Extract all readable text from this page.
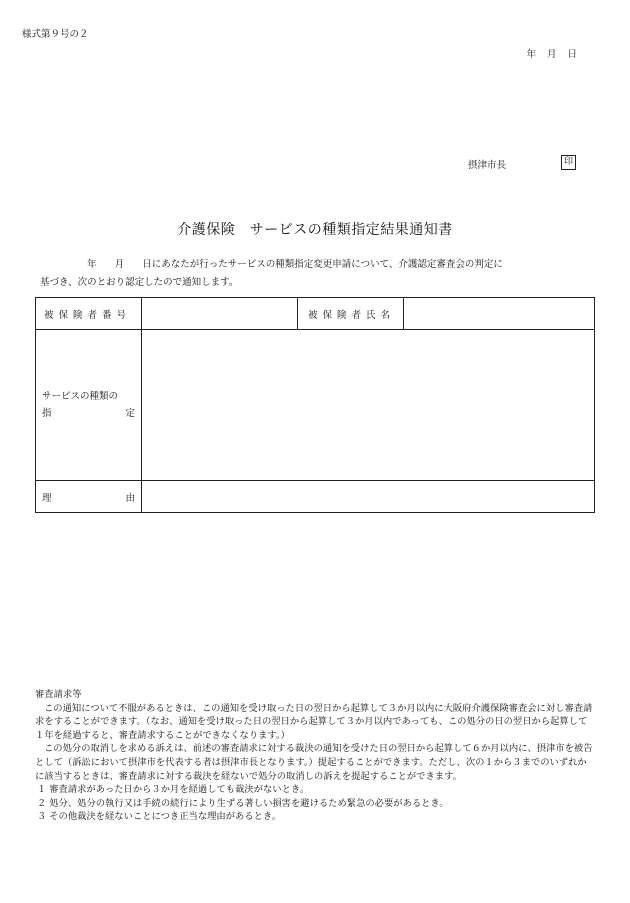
様式第９号の２
年 月 日
摂津市長	印
介護保険　サービスの種類指定結果通知書
年 月 日にあなたが行ったサービスの種類指定変更申請について、介護認定審査会の判定に
基づき、次のとおり認定したので通知します。
被保険者番号		被保険者氏名	

サービスの種類の
指 定			

理 由			

審査請求等

この通知について不服があるときは、この通知を受け取った日の翌日から起算して３か月以内に大阪府介護保険審査会に対し審査請求をすることができます。（なお、通知を受け取った日の翌日から起算して３か月以内であっても、この処分の日の翌日から起算して１年を経過すると、審査請求することができなくなります。）

この処分の取消しを求める訴えは、前述の審査請求に対する裁決の通知を受けた日の翌日から起算して６か月以内に、摂津市を被告として（訴訟において摂津市を代表する者は摂津市長となります。）提起することができます。ただし、次の１から３までのいずれかに該当するときは、審査請求に対する裁決を経ないで処分の取消しの訴えを提起することができます。

１ 審査請求があった日から３か月を経過しても裁決がないとき。

２ 処分、処分の執行又は手続の続行により生ずる著しい損害を避けるため緊急の必要があるとき。

３ その他裁決を経ないことにつき正当な理由があるとき。
